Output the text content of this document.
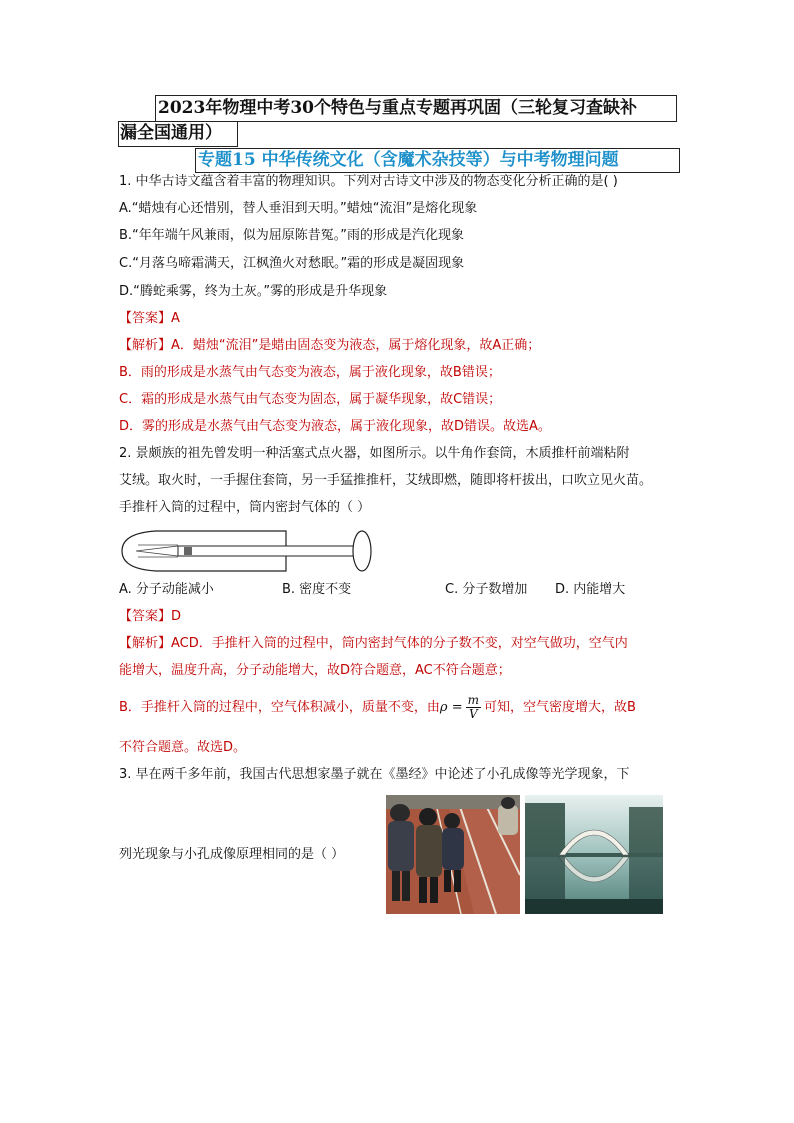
2023年物理中考30个特色与重点专题再巩固（三轮复习查缺补
漏全国通用）
专题15 中华传统文化（含魔术杂技等）与中考物理问题
1. 中华古诗文蕴含着丰富的物理知识。下列对古诗文中涉及的物态变化分析正确的是( )
A.“蜡烛有心还惜别，替人垂泪到天明。”蜡烛“流泪”是熔化现象
B.“年年端午风兼雨，似为屈原陈昔冤。”雨的形成是汽化现象
C.“月落乌啼霜满天，江枫渔火对愁眠。”霜的形成是凝固现象
D.“腾蛇乘雾，终为土灰。”雾的形成是升华现象
【答案】A
【解析】A．蜡烛“流泪”是蜡由固态变为液态，属于熔化现象，故A正确；
B．雨的形成是水蒸气由气态变为液态，属于液化现象，故B错误；
C．霜的形成是水蒸气由气态变为固态，属于凝华现象，故C错误；
D．雾的形成是水蒸气由气态变为液态，属于液化现象，故D错误。故选A。
2. 景颇族的祖先曾发明一种活塞式点火器，如图所示。以牛角作套筒，木质推杆前端粘附
艾绒。取火时，一手握住套筒，另一手猛推推杆，艾绒即燃，随即将杆拔出，口吹立见火苗。
手推杆入筒的过程中，筒内密封气体的（ ）
A. 分子动能减小	B. 密度不变	C. 分子数增加 D. 内能增大
【答案】D
【解析】ACD．手推杆入筒的过程中，筒内密封气体的分子数不变，对空气做功，空气内
能增大，温度升高，分子动能增大，故D符合题意，AC不符合题意；
B．手推杆入筒的过程中，空气体积减小，质量不变，由$\rho = \frac{m}{V}$ 可知，空气密度增大，故B
不符合题意。故选D。
3. 早在两千多年前，我国古代思想家墨子就在《墨经》中论述了小孔成像等光学现象，下
列光现象与小孔成像原理相同的是（ ）
